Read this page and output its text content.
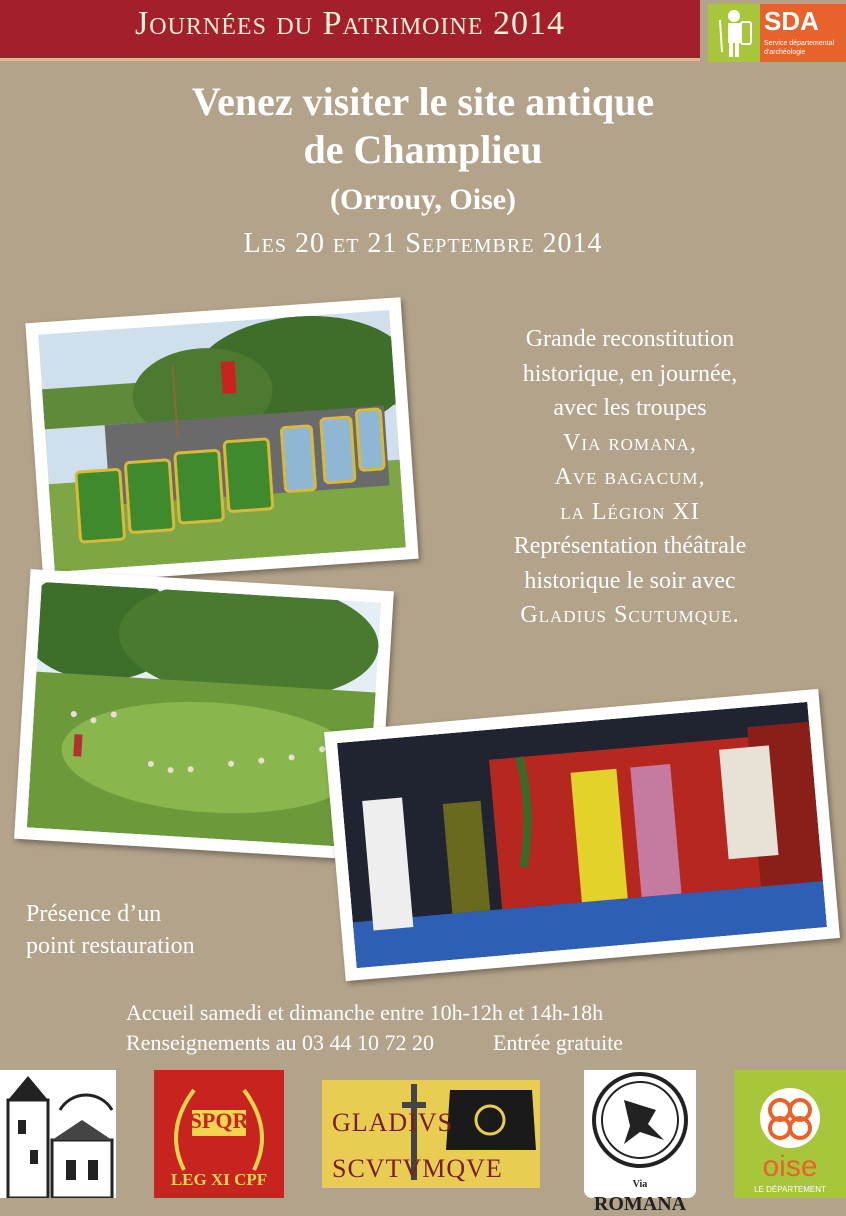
Journées du Patrimoine 2014	SDA
Service départemental d'archéologie
Venez visiter le site antique
de Champlieu
(Orrouy, Oise)
Les 20 et 21 Septembre 2014
Grande reconstitution
historique, en journée,
avec les troupes
Via romana,
Ave bagacum,
la Légion XI
Représentation théâtrale
historique le soir avec
Gladius Scutumque.
Présence d’un
point restauration
Accueil samedi et dimanche entre 10h-12h et 14h-18h
Renseignements au 03 44 10 72 20	Entrée gratuite
SPQR
LEG XI CPF
GLADIVS
SCVTVMQVE
Via ROMANA
oise
LE DÉPARTEMENT
